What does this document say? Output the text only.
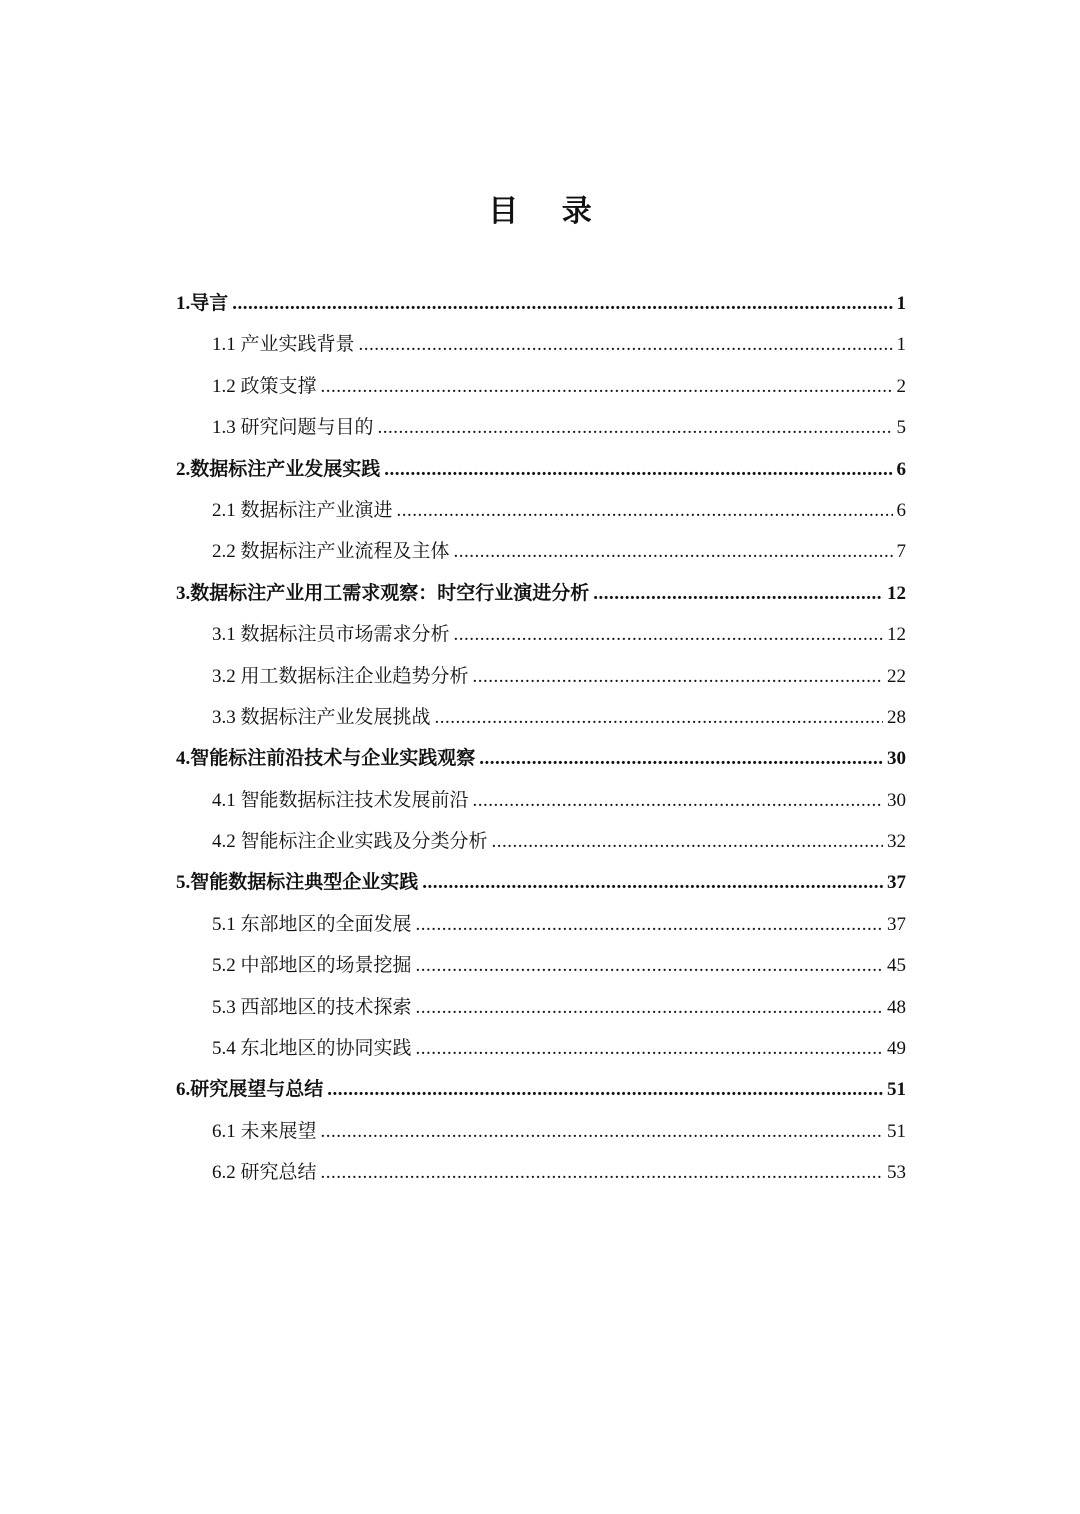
目 录
1.导言 .....	1
1.1 产业实践背景 .....	1
1.2 政策支撑 .....	2
1.3 研究问题与目的 .....	5
2.数据标注产业发展实践 .....	6
2.1 数据标注产业演进 .....	6
2.2 数据标注产业流程及主体 .....	7
3.数据标注产业用工需求观察：时空行业演进分析 .....	12
3.1 数据标注员市场需求分析 .....	12
3.2 用工数据标注企业趋势分析 .....	22
3.3 数据标注产业发展挑战 .....	28
4.智能标注前沿技术与企业实践观察 .....	30
4.1 智能数据标注技术发展前沿 .....	30
4.2 智能标注企业实践及分类分析 .....	32
5.智能数据标注典型企业实践 .....	37
5.1 东部地区的全面发展 .....	37
5.2 中部地区的场景挖掘 .....	45
5.3 西部地区的技术探索 .....	48
5.4 东北地区的协同实践 .....	49
6.研究展望与总结 .....	51
6.1 未来展望 .....	51
6.2 研究总结 .....	53
